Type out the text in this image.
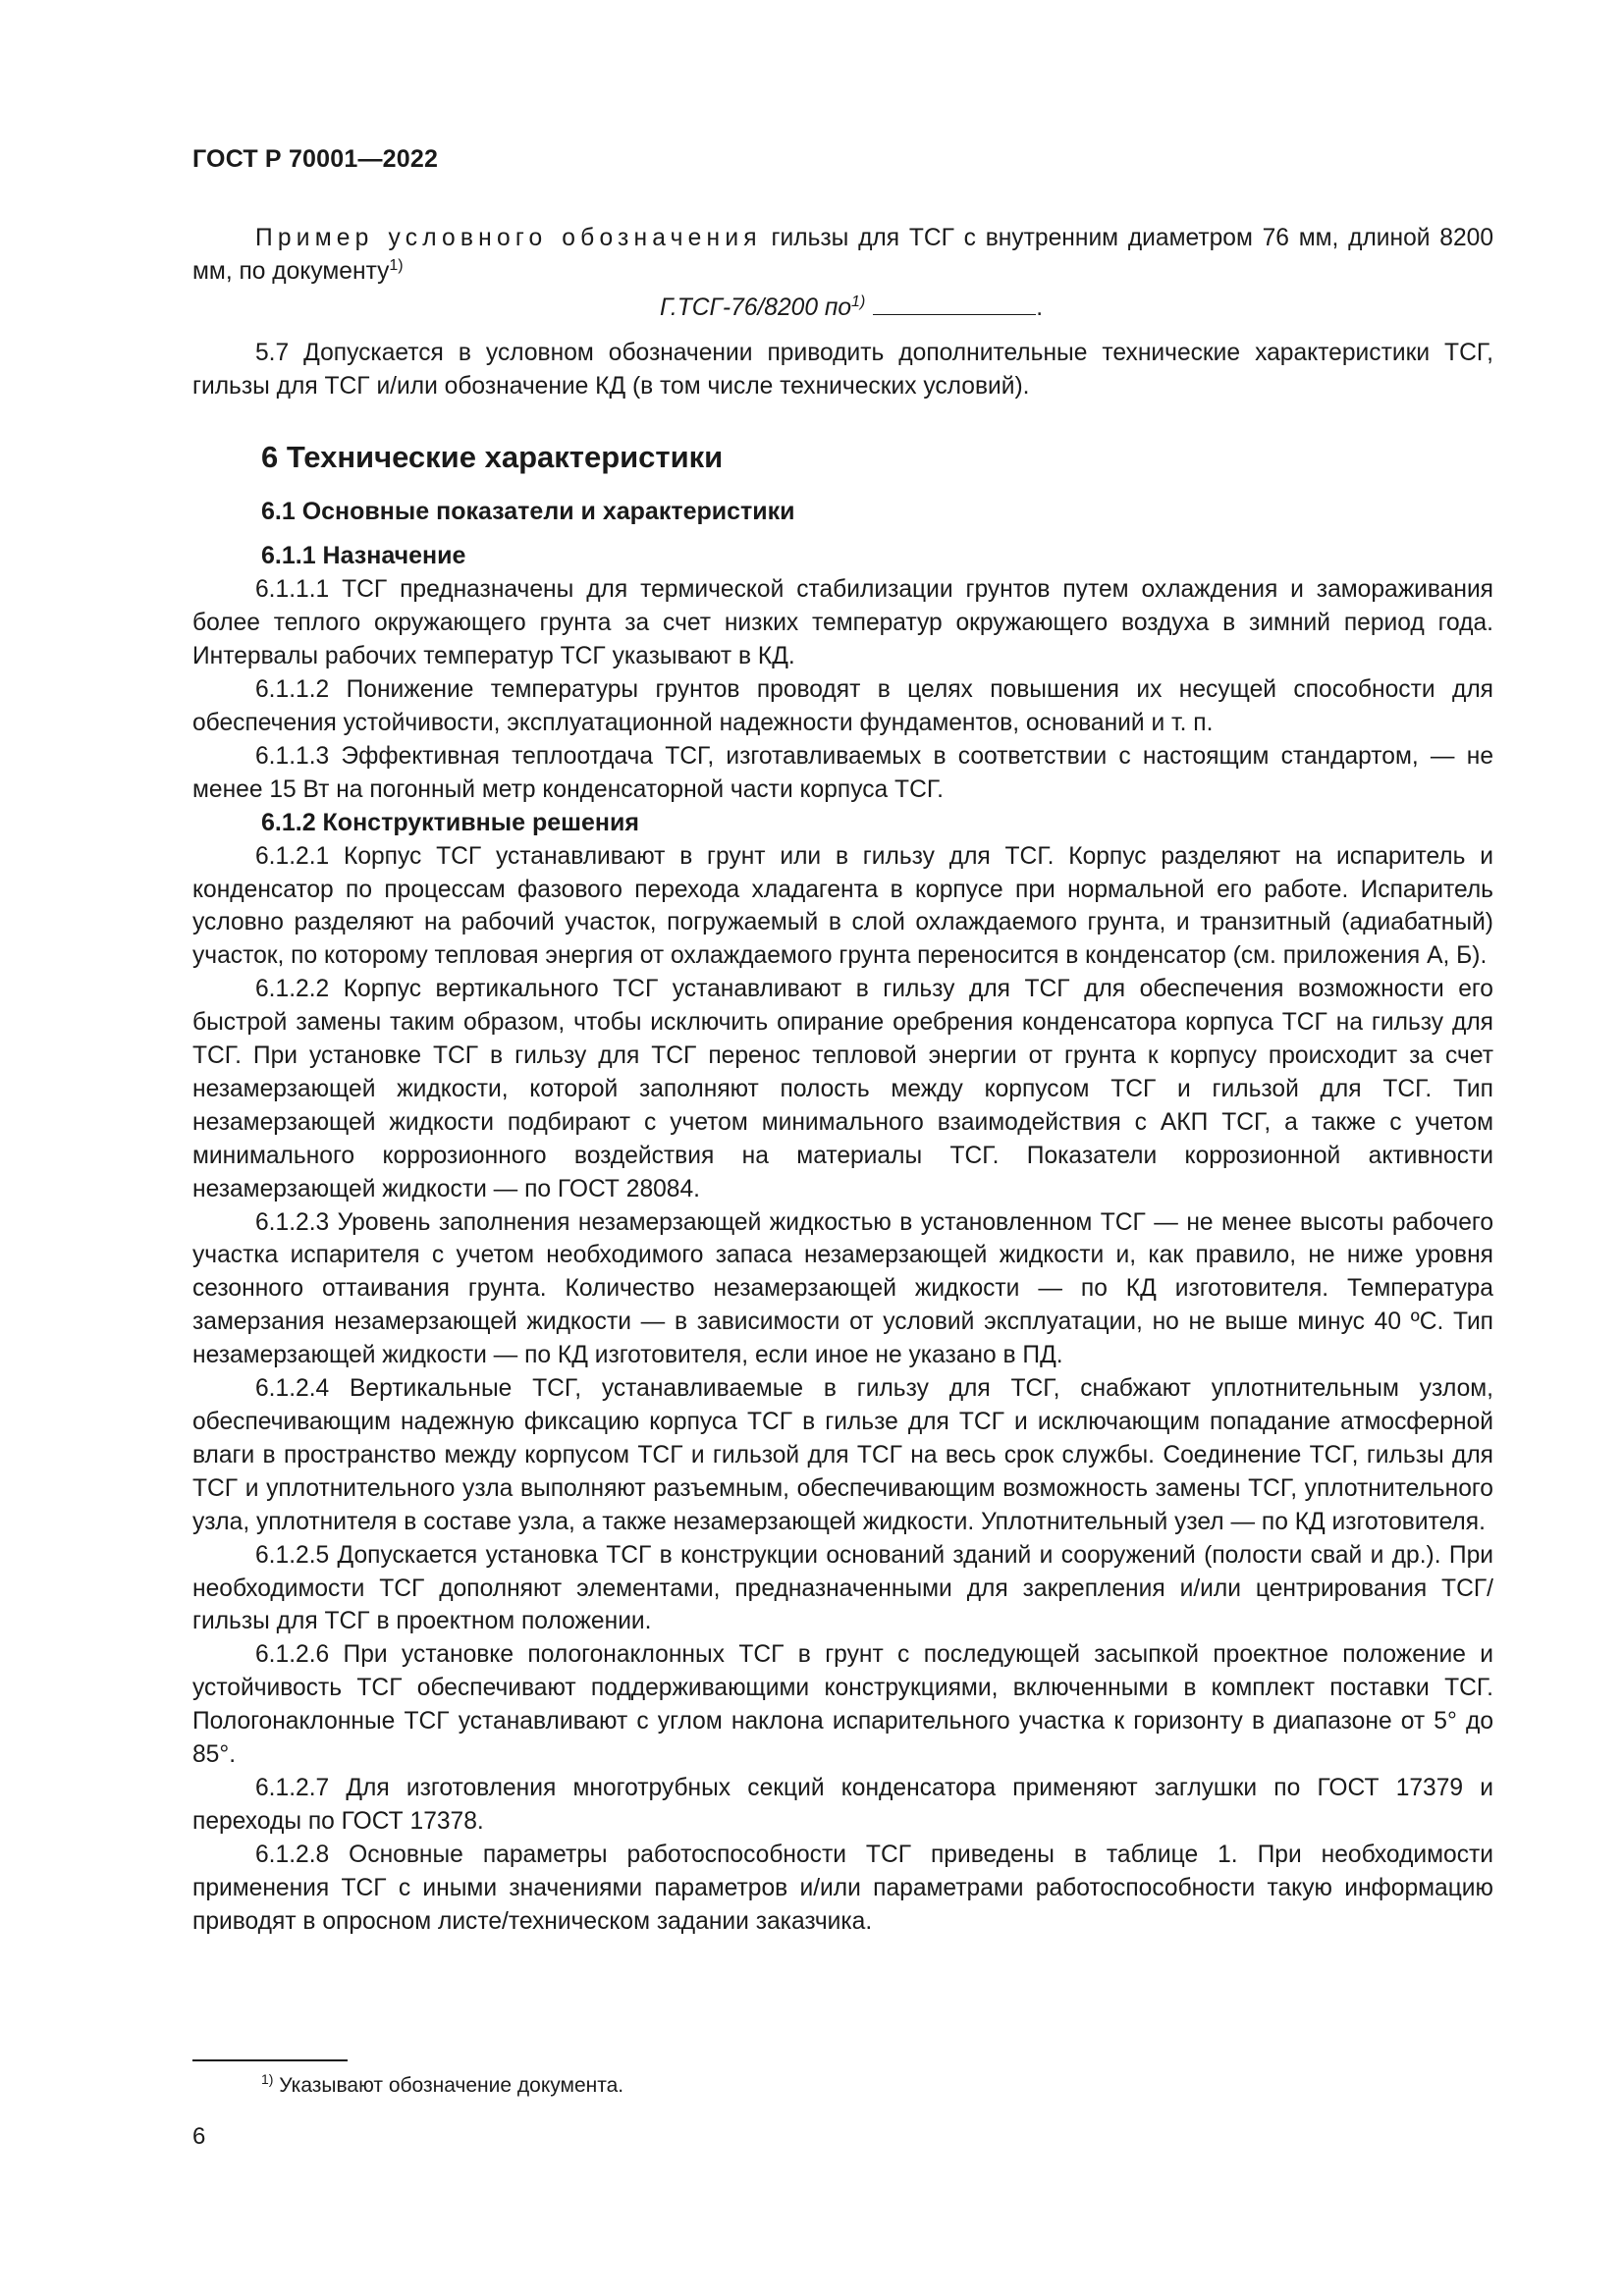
ГОСТ Р 70001—2022

Пример условного обозначения гильзы для ТСГ с внутренним диаметром 76 мм, длиной 8200 мм, по документу$^{1)}$

Г.ТСГ-76/8200 $по^{1)}$	.

5.7 Допускается в условном обозначении приводить дополнительные технические характеристики ТСГ, гильзы для ТСГ и/или обозначение КД (в том числе технических условий).

6 Технические характеристики
6.1 Основные показатели и характеристики
6.1.1 Назначение

6.1.1.1 ТСГ предназначены для термической стабилизации грунтов путем охлаждения и замораживания более теплого окружающего грунта за счет низких температур окружающего воздуха в зимний период года. Интервалы рабочих температур ТСГ указывают в КД.

6.1.1.2 Понижение температуры грунтов проводят в целях повышения их несущей способности для обеспечения устойчивости, эксплуатационной надежности фундаментов, оснований и т. п.

6.1.1.3 Эффективная теплоотдача ТСГ, изготавливаемых в соответствии с настоящим стандартом, — не менее 15 Вт на погонный метр конденсаторной части корпуса ТСГ.

6.1.2 Конструктивные решения

6.1.2.1 Корпус ТСГ устанавливают в грунт или в гильзу для ТСГ. Корпус разделяют на испаритель и конденсатор по процессам фазового перехода хладагента в корпусе при нормальной его работе. Испаритель условно разделяют на рабочий участок, погружаемый в слой охлаждаемого грунта, и транзитный (адиабатный) участок, по которому тепловая энергия от охлаждаемого грунта переносится в конденсатор (см. приложения А, Б).

6.1.2.2 Корпус вертикального ТСГ устанавливают в гильзу для ТСГ для обеспечения возможности его быстрой замены таким образом, чтобы исключить опирание оребрения конденсатора корпуса ТСГ на гильзу для ТСГ. При установке ТСГ в гильзу для ТСГ перенос тепловой энергии от грунта к корпусу происходит за счет незамерзающей жидкости, которой заполняют полость между корпусом ТСГ и гильзой для ТСГ. Тип незамерзающей жидкости подбирают с учетом минимального взаимодействия с АКП ТСГ, а также с учетом минимального коррозионного воздействия на материалы ТСГ. Показатели коррозионной активности незамерзающей жидкости — по ГОСТ 28084.

6.1.2.3 Уровень заполнения незамерзающей жидкостью в установленном ТСГ — не менее высоты рабочего участка испарителя с учетом необходимого запаса незамерзающей жидкости и, как правило, не ниже уровня сезонного оттаивания грунта. Количество незамерзающей жидкости — по КД изготовителя. Температура замерзания незамерзающей жидкости — в зависимости от условий эксплуатации, но не выше минус 40 ºС. Тип незамерзающей жидкости — по КД изготовителя, если иное не указано в ПД.

6.1.2.4 Вертикальные ТСГ, устанавливаемые в гильзу для ТСГ, снабжают уплотнительным узлом, обеспечивающим надежную фиксацию корпуса ТСГ в гильзе для ТСГ и исключающим попадание атмосферной влаги в пространство между корпусом ТСГ и гильзой для ТСГ на весь срок службы. Соединение ТСГ, гильзы для ТСГ и уплотнительного узла выполняют разъемным, обеспечивающим возможность замены ТСГ, уплотнительного узла, уплотнителя в составе узла, а также незамерзающей жидкости. Уплотнительный узел — по КД изготовителя.

6.1.2.5 Допускается установка ТСГ в конструкции оснований зданий и сооружений (полости свай и др.). При необходимости ТСГ дополняют элементами, предназначенными для закрепления и/или центрирования ТСГ/гильзы для ТСГ в проектном положении.

6.1.2.6 При установке пологонаклонных ТСГ в грунт с последующей засыпкой проектное положение и устойчивость ТСГ обеспечивают поддерживающими конструкциями, включенными в комплект поставки ТСГ. Пологонаклонные ТСГ устанавливают с углом наклона испарительного участка к горизонту в диапазоне от 5° до 85°.

6.1.2.7 Для изготовления многотрубных секций конденсатора применяют заглушки по ГОСТ 17379 и переходы по ГОСТ 17378.

6.1.2.8 Основные параметры работоспособности ТСГ приведены в таблице 1. При необходимости применения ТСГ с иными значениями параметров и/или параметрами работоспособности такую информацию приводят в опросном листе/техническом задании заказчика.

$^{1)}$ Указывают обозначение документа.
6
